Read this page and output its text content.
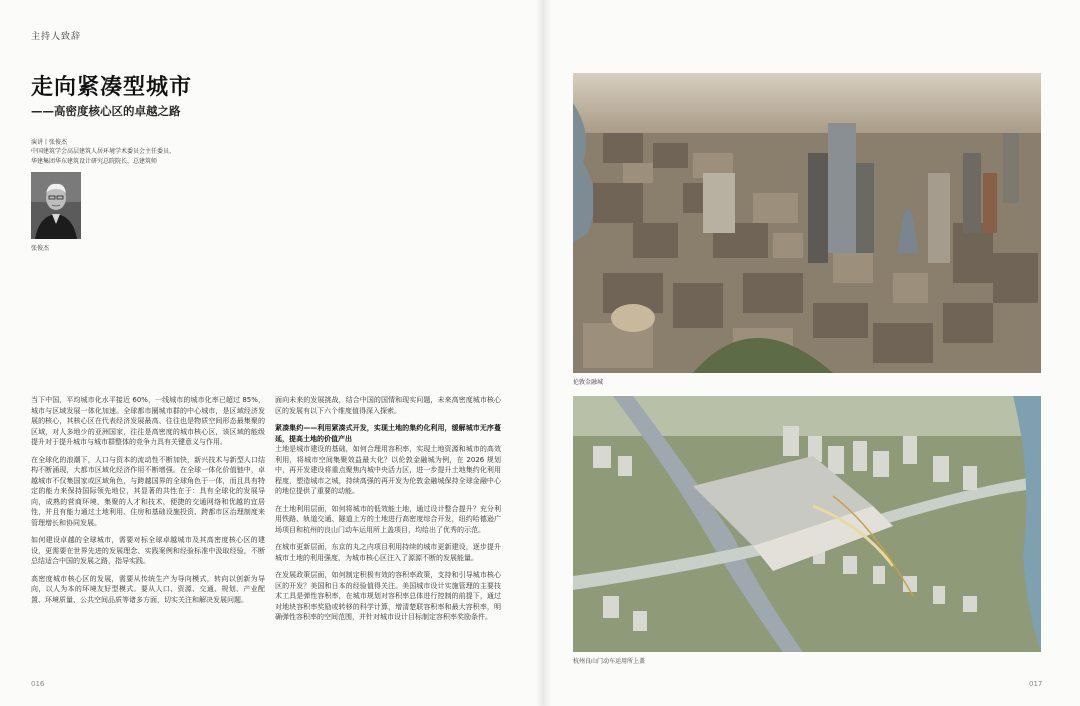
主持人致辞
走向紧凑型城市
——高密度核心区的卓越之路
演讲丨张俊杰
中国建筑学会高层建筑人居环境学术委员会主任委员、
华建集团华东建筑设计研究总院院长、总建筑师
张俊杰

当下中国，平均城市化水平接近 60%，一线城市的城市化率已超过 85%，城市与区域发展一体化加速。全球都市圈城市群的中心城市，是区域经济发展的核心，其核心区在代表经济发展最高、往往也是物质空间形态最集聚的区域，对人多地少的亚洲国家，往往是高密度的城市核心区，该区域的能级提升对于提升城市与城市群整体的竞争力具有关键意义与作用。

在全球化的浪潮下，人口与资本的流动性不断加快，新兴技术与新型人口结构不断涌现，大都市区域化经济作用不断增强。在全球一体化价值链中，卓越城市不仅集国家或区域角色，与跨越国界的全球角色于一体，而且具有特定的能力来保持国际领先地位，其显著的共性在于：具有全球化的发展导向，成熟的营商环境，集聚的人才和技术，便捷的交通网络和优越的宜居性，并且有能力通过土地利用、住房和基础设施投资、跨都市区治理制度来管理增长和协同发展。

如何建设卓越的全球城市，需要对标全球卓越城市及其高密度核心区的建设，更需要在世界先进的发展理念、实践案例和经验标准中汲取经验，不断总结适合中国的发展之路，指导实践。

高密度城市核心区的发展，需要从传统生产为导向模式，转向以创新为导向，以人为本的环境友好型模式。要从人口、资源、交通、规划、产业配置、环境质量、公共空间品质等诸多方面，切实关注和解决发展问题。

面向未来的发展挑战，结合中国的国情和现实问题，未来高密度城市核心区的发展有以下六个维度值得深入探索。

紧凑集约——利用紧凑式开发，实现土地的集约化利用，缓解城市无序蔓延，提高土地的价值产出
土地是城市建设的基础，如何合理用容积率，实现土地资源和城市的高效利用，将城市空间集聚效益最大化？以伦敦金融城为例，在 2026 规划中，再开发建设将重点聚焦内城中央活力区，进一步提升土地集约化利用程度，塑造城市之城，持续高强的再开发为伦敦金融城保持全球金融中心的地位提供了重要的动能。

在土地利用层面，如何将城市的低效能土地，通过设计整合提升？充分利用铁路、轨道交通、隧道上方的土地进行高密度综合开发，纽约哈德逊广场项目和杭州的良山门动车运用所上盖项目，均给出了优秀的示范。

在城市更新层面，东京的丸之内项目利用持续的城市更新建设，逐步提升城市土地的利用强度，为城市核心区注入了源源不断的发展能量。

在发展政策层面，如何制定积极有效的容积率政策，支持和引导城市核心区的开发？美国和日本的经验值得关注。美国城市设计实施管理的主要技术工具是弹性容积率，在城市规划对容积率总体进行控制的前提下，通过对地块容积率奖励或转移的科学计算，增清楚联容积率和最大容积率，明确弹性容积率的空间范围，并针对城市设计目标制定容积率奖励条件。

016
伦敦金融城
杭州良山门动车运用所上盖
017
